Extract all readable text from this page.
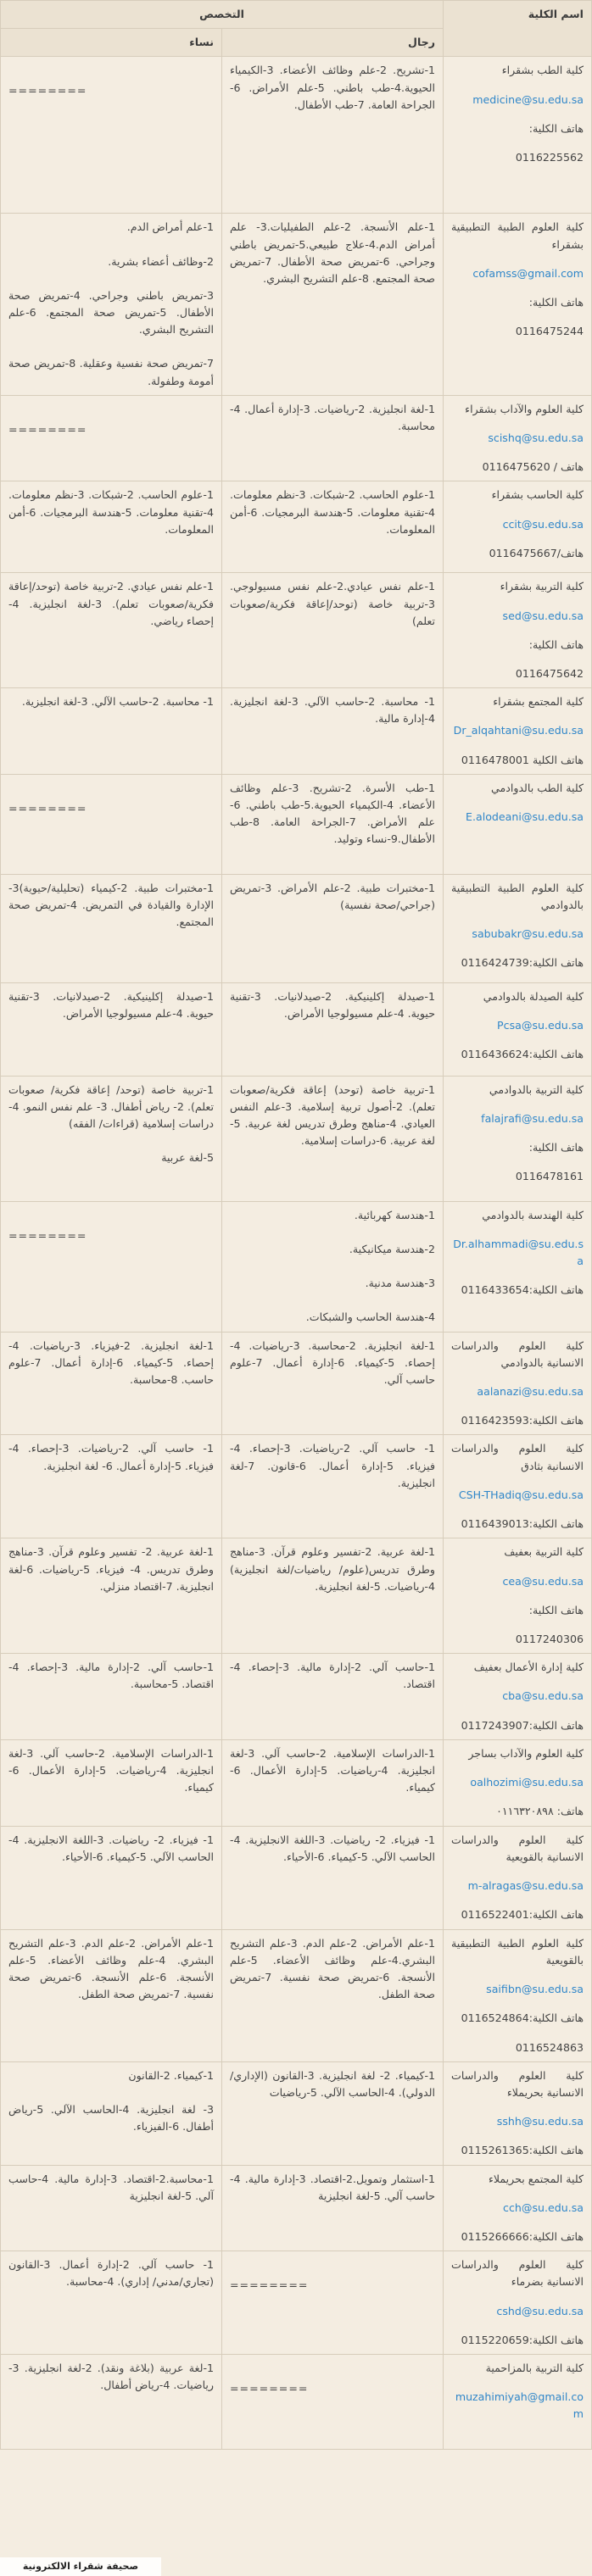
اسم الكلية	التخصص	
	رجال	نساء

كلية الطب بشقراء
medicine@su.edu.sa
هاتف الكلية:
0116225562	1-تشريح. 2-علم وظائف الأعضاء. 3-الكيمياء الحيوية.4-طب باطني. 5-علم الأمراض. 6-الجراحة العامة. 7-طب الأطفال.	========

كلية العلوم الطبية التطبيقية بشقراء
cofamss@gmail.com
هاتف الكلية:
0116475244	1-علم الأنسجة. 2-علم الطفيليات.3- علم أمراض الدم.4-علاج طبيعي.5-تمريض باطني وجراحي. 6-تمريض صحة الأطفال. 7-تمريض صحة المجتمع. 8-علم التشريح البشري.	1-علم أمراض الدم.
2-وظائف أعضاء بشرية.
3-تمريض باطني وجراحي. 4-تمريض صحة الأطفال. 5-تمريض صحة المجتمع. 6-علم التشريح البشري.
7-تمريض صحة نفسية وعقلية. 8-تمريض صحة أمومة وطفولة.

كلية العلوم والآداب بشقراء
scishq@su.edu.sa
هاتف / 0116475620	1-لغة انجليزية. 2-رياضيات. 3-إدارة أعمال. 4-محاسبة.	========

كلية الحاسب بشقراء
ccit@su.edu.sa
هاتف/0116475667	1-علوم الحاسب. 2-شبكات. 3-نظم معلومات. 4-تقنية معلومات. 5-هندسة البرمجيات. 6-أمن المعلومات.	1-علوم الحاسب. 2-شبكات. 3-نظم معلومات. 4-تقنية معلومات. 5-هندسة البرمجيات. 6-أمن المعلومات.

كلية التربية بشقراء
sed@su.edu.sa
هاتف الكلية:
0116475642	1-علم نفس عيادي.2-علم نفس مسيولوجي. 3-تربية خاصة (توحد/إعاقة فكرية/صعوبات تعلم)	1-علم نفس عيادي. 2-تربية خاصة (توحد/إعاقة فكرية/صعوبات تعلم). 3-لغة انجليزية. 4-إحصاء رياضي.

كلية المجتمع بشقراء
Dr_alqahtani@su.edu.sa
هاتف الكلية 0116478001	1- محاسبة. 2-حاسب الآلي. 3-لغة انجليزية. 4-إدارة مالية.	1- محاسبة. 2-حاسب الآلي. 3-لغة انجليزية.

كلية الطب بالدوادمي
E.alodeani@su.edu.sa	1-طب الأسرة. 2-تشريح. 3-علم وظائف الأعضاء. 4-الكيمياء الحيوية.5-طب باطني. 6-علم الأمراض. 7-الجراحة العامة. 8-طب الأطفال.9-نساء وتوليد.	========

كلية العلوم الطبية التطبيقية بالدوادمي
sabubakr@su.edu.sa
هاتف الكلية:0116424739	1-مختبرات طبية. 2-علم الأمراض. 3-تمريض (جراحي/صحة نفسية)	1-مختبرات طبية. 2-كيمياء (تحليلية/حيوية)3- الإدارة والقيادة في التمريض. 4-تمريض صحة المجتمع.

كلية الصيدلة بالدوادمي
Pcsa@su.edu.sa
هاتف الكلية:0116436624	1-صيدلة إكلينيكية. 2-صيدلانيات. 3-تقنية حيوية. 4-علم مسيولوجيا الأمراض.	1-صيدلة إكلينيكية. 2-صيدلانيات. 3-تقنية حيوية. 4-علم مسيولوجيا الأمراض.

كلية التربية بالدوادمي
falajrafi@su.edu.sa
هاتف الكلية:
0116478161	1-تربية خاصة (توحد) إعاقة فكرية/صعوبات تعلم). 2-أصول تربية إسلامية. 3-علم النفس العيادي. 4-مناهج وطرق تدريس لغة عربية. 5-لغة عربية. 6-دراسات إسلامية.	1-تربية خاصة (توحد/ إعاقة فكرية/ صعوبات تعلم). 2- رياض أطفال. 3- علم نفس النمو. 4-دراسات إسلامية (قراءات/ الفقه)
5-لغة عربية

كلية الهندسة بالدوادمي
Dr.alhammadi@su.edu.sa
هاتف الكلية:0116433654	1-هندسة كهربائية.
2-هندسة ميكانيكية.
3-هندسة مدنية.
4-هندسة الحاسب والشبكات.	========

كلية العلوم والدراسات الانسانية بالدوادمي
aalanazi@su.edu.sa
هاتف الكلية:0116423593	1-لغة انجليزية. 2-محاسبة. 3-رياضيات. 4-إحصاء. 5-كيمياء. 6-إدارة أعمال. 7-علوم حاسب آلي.	1-لغة انجليزية. 2-فيزياء. 3-رياضيات. 4-إحصاء. 5-كيمياء. 6-إدارة أعمال. 7-علوم حاسب. 8-محاسبة.

كلية العلوم والدراسات الانسانية بثادق
CSH-THadiq@su.edu.sa
هاتف الكلية:0116439013	1- حاسب آلي. 2-رياضيات. 3-إحصاء. 4- فيزياء. 5-إدارة أعمال. 6-قانون. 7-لغة انجليزية.	1- حاسب آلي. 2-رياضيات. 3-إحصاء. 4- فيزياء. 5-إدارة أعمال. 6- لغة انجليزية.

كلية التربية بعفيف
cea@su.edu.sa
هاتف الكلية:
0117240306	1-لغة عربية. 2-تفسير وعلوم قرآن. 3-مناهج وطرق تدريس(علوم/ رياضيات/لغة انجليزية) 4-رياضيات. 5-لغة انجليزية.	1-لغة عربية. 2- تفسير وعلوم قرآن. 3-مناهج وطرق تدريس. 4- فيزياء. 5-رياضيات. 6-لغة انجليزية. 7-اقتصاد منزلي.

كلية إدارة الأعمال بعفيف
cba@su.edu.sa
هاتف الكلية:0117243907	1-حاسب آلي. 2-إدارة مالية. 3-إحصاء. 4-اقتصاد.	1-حاسب آلي. 2-إدارة مالية. 3-إحصاء. 4-اقتصاد. 5-محاسبة.

كلية العلوم والآداب بساجر
oalhozimi@su.edu.sa
هاتف: ٠١١٦٣٢٠٨٩٨	1-الدراسات الإسلامية. 2-حاسب آلي. 3-لغة انجليزية. 4-رياضيات. 5-إدارة الأعمال. 6-كيمياء.	1-الدراسات الإسلامية. 2-حاسب آلي. 3-لغة انجليزية. 4-رياضيات. 5-إدارة الأعمال. 6-كيمياء.

كلية العلوم والدراسات الانسانية بالقويعية
m-alragas@su.edu.sa
هاتف الكلية:0116522401	1- فيزياء. 2- رياضيات. 3-اللغة الانجليزية. 4-الحاسب الآلي. 5-كيمياء. 6-الأحياء.	1- فيزياء. 2- رياضيات. 3-اللغة الانجليزية. 4-الحاسب الآلي. 5-كيمياء. 6-الأحياء.

كلية العلوم الطبية التطبيقية بالقويعية
saifibn@su.edu.sa
هاتف الكلية:0116524864
0116524863	1-علم الأمراض. 2-علم الدم. 3-علم التشريح البشري.4-علم وظائف الأعضاء. 5-علم الأنسجة. 6-تمريض صحة نفسية. 7-تمريض صحة الطفل.	1-علم الأمراض. 2-علم الدم. 3-علم التشريح البشري. 4-علم وظائف الأعضاء. 5-علم الأنسجة. 6-علم الأنسجة. 6-تمريض صحة نفسية. 7-تمريض صحة الطفل.

كلية العلوم والدراسات الانسانية بحريملاء
sshh@su.edu.sa
هاتف الكلية:0115261365	1-كيمياء. 2- لغة انجليزية. 3-القانون (الإداري/ الدولي). 4-الحاسب الآلي. 5-رياضيات	1-كيمياء. 2-القانون
3- لغة انجليزية. 4-الحاسب الآلي. 5-رياض أطفال. 6-الفيزياء.

كلية المجتمع بحريملاء
cch@su.edu.sa
هاتف الكلية:0115266666	1-استثمار وتمويل.2-اقتصاد. 3-إدارة مالية. 4-حاسب آلي. 5-لغة انجليزية	1-محاسبة.2-اقتصاد. 3-إدارة مالية. 4-حاسب آلي. 5-لغة انجليزية

كلية العلوم والدراسات الانسانية بضرماء
cshd@su.edu.sa
هاتف الكلية:0115220659	========	1- حاسب آلي. 2-إدارة أعمال. 3-القانون (تجاري/مدني/ إداري). 4-محاسبة.

كلية التربية بالمزاحمية
muzahimiyah@gmail.com	========	1-لغة عربية (بلاغة ونقد). 2-لغة انجليزية. 3-رياضيات. 4-رياض أطفال.
صحيفة شقراء الالكترونية
